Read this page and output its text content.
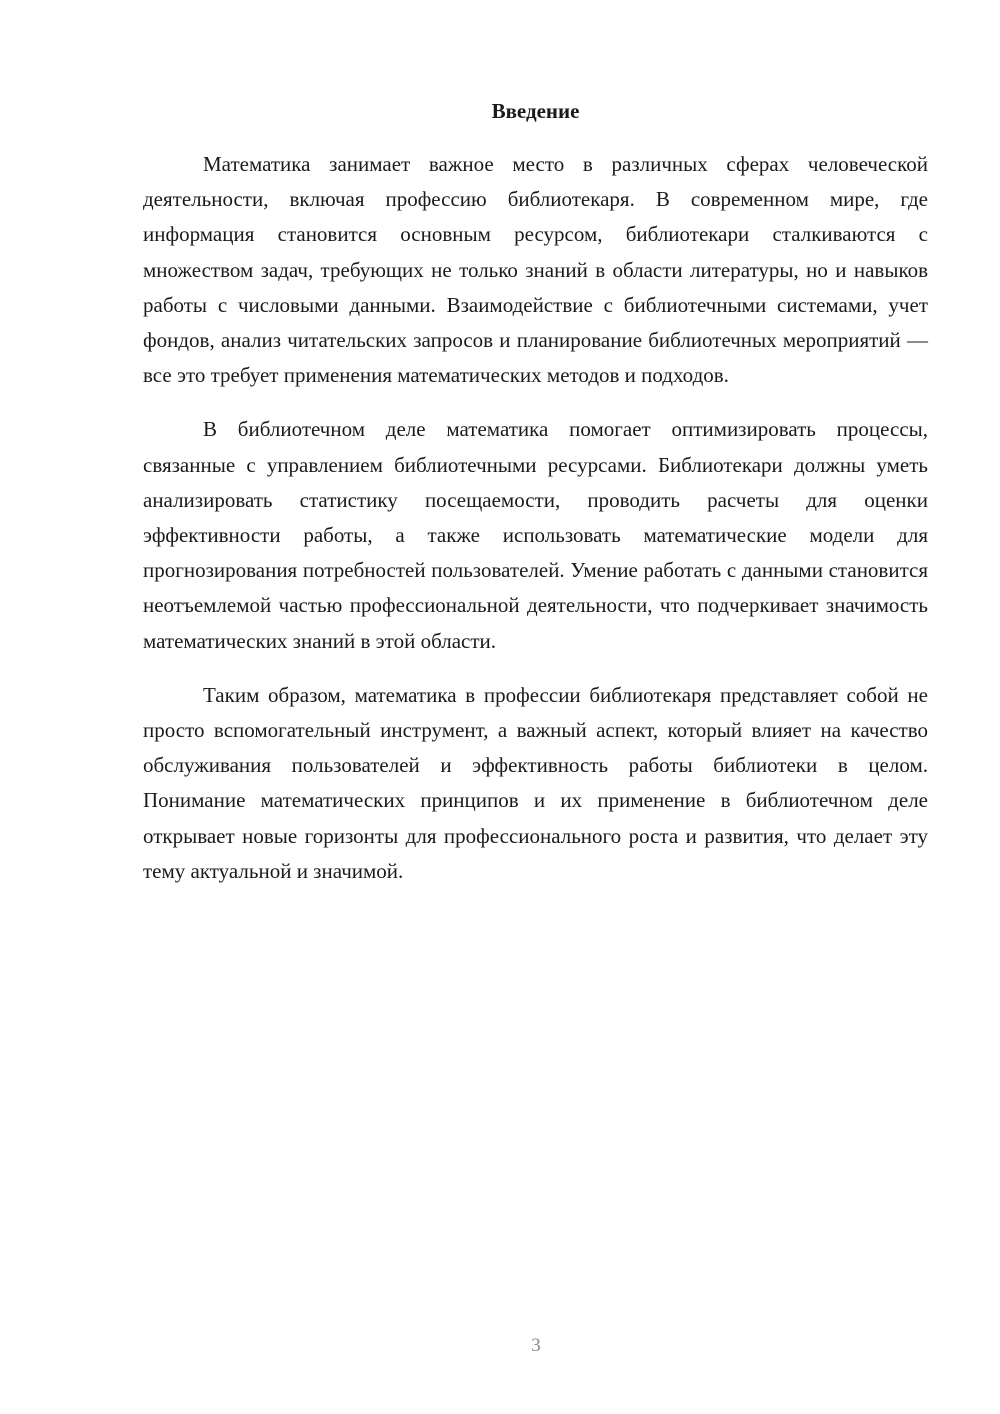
Введение

Математика занимает важное место в различных сферах человеческой деятельности, включая профессию библиотекаря. В современном мире, где информация становится основным ресурсом, библиотекари сталкиваются с множеством задач, требующих не только знаний в области литературы, но и навыков работы с числовыми данными. Взаимодействие с библиотечными системами, учет фондов, анализ читательских запросов и планирование библиотечных мероприятий — все это требует применения математических методов и подходов.

В библиотечном деле математика помогает оптимизировать процессы, связанные с управлением библиотечными ресурсами. Библиотекари должны уметь анализировать статистику посещаемости, проводить расчеты для оценки эффективности работы, а также использовать математические модели для прогнозирования потребностей пользователей. Умение работать с данными становится неотъемлемой частью профессиональной деятельности, что подчеркивает значимость математических знаний в этой области.

Таким образом, математика в профессии библиотекаря представляет собой не просто вспомогательный инструмент, а важный аспект, который влияет на качество обслуживания пользователей и эффективность работы библиотеки в целом. Понимание математических принципов и их применение в библиотечном деле открывает новые горизонты для профессионального роста и развития, что делает эту тему актуальной и значимой.

3
